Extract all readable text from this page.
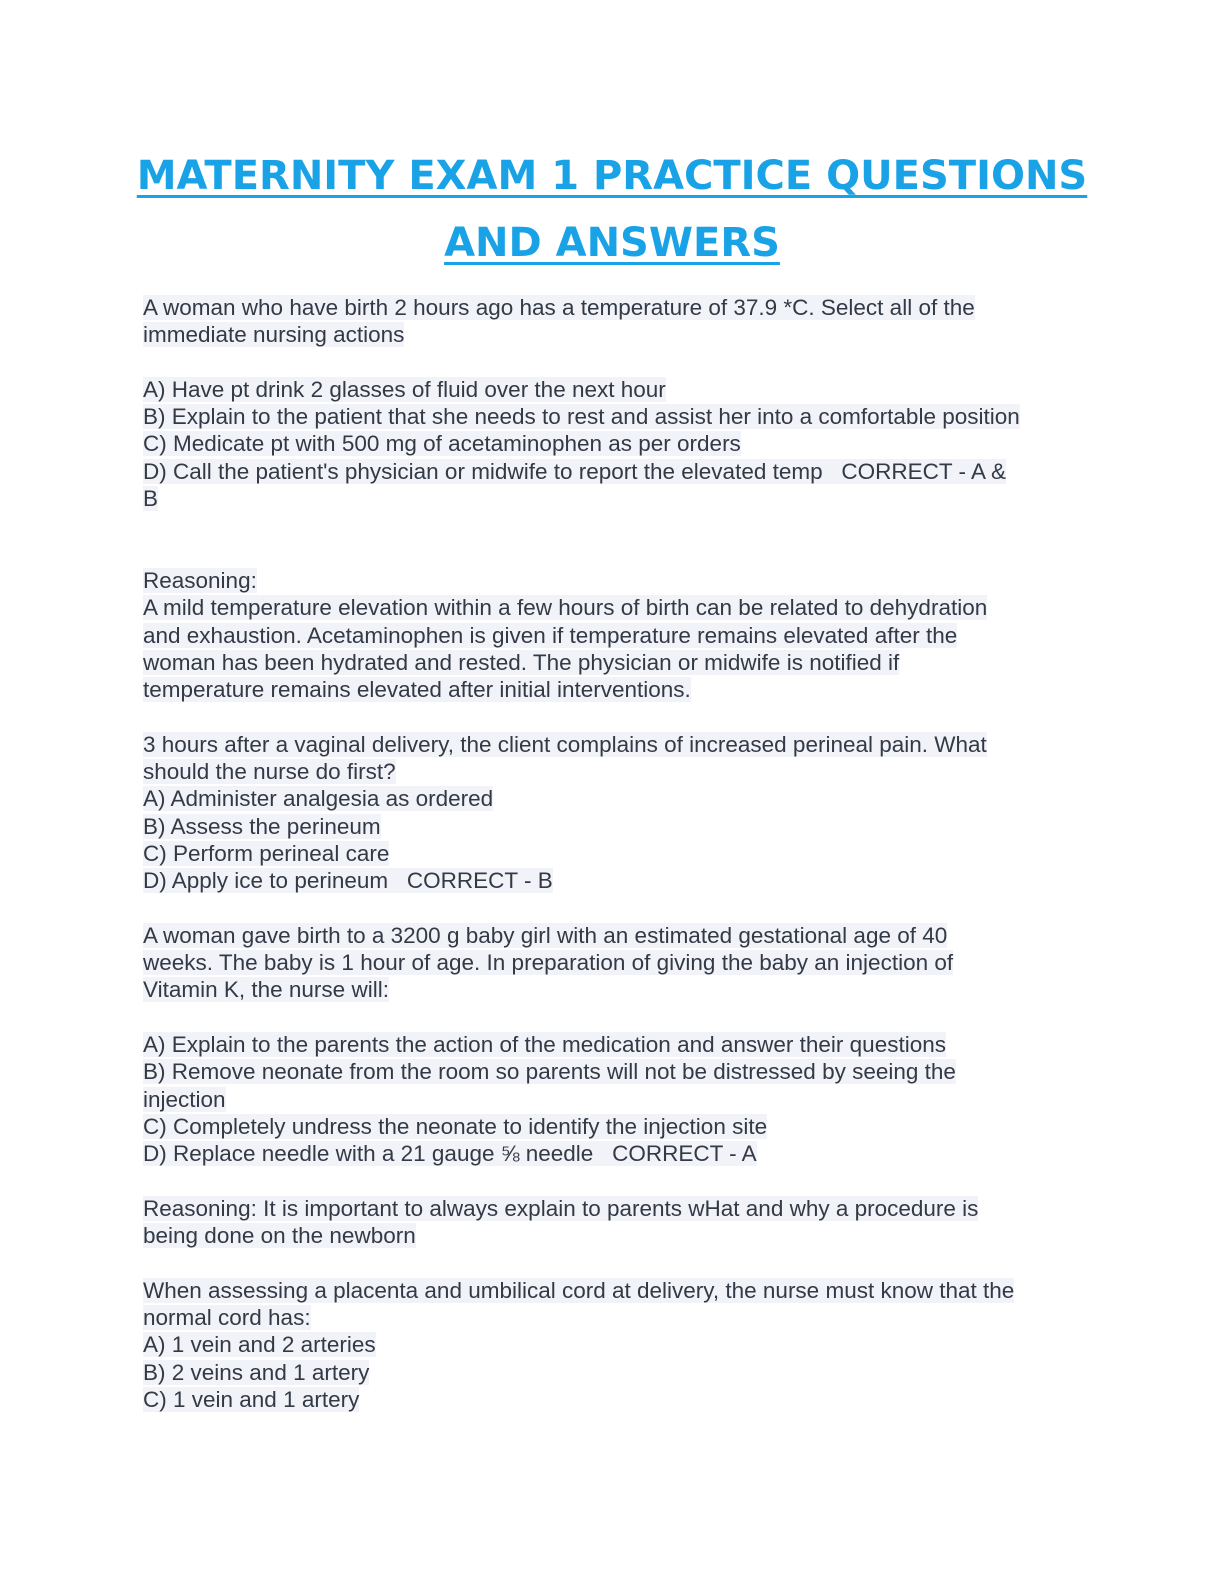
MATERNITY EXAM 1 PRACTICE QUESTIONS
AND ANSWERS
A woman who have birth 2 hours ago has a temperature of 37.9 *C. Select all of the
immediate nursing actions
A) Have pt drink 2 glasses of fluid over the next hour
B) Explain to the patient that she needs to rest and assist her into a comfortable position
C) Medicate pt with 500 mg of acetaminophen as per orders
D) Call the patient's physician or midwife to report the elevated temp   CORRECT - A &
B
Reasoning:
A mild temperature elevation within a few hours of birth can be related to dehydration
and exhaustion. Acetaminophen is given if temperature remains elevated after the
woman has been hydrated and rested. The physician or midwife is notified if
temperature remains elevated after initial interventions.
3 hours after a vaginal delivery, the client complains of increased perineal pain. What
should the nurse do first?
A) Administer analgesia as ordered
B) Assess the perineum
C) Perform perineal care
D) Apply ice to perineum   CORRECT - B
A woman gave birth to a 3200 g baby girl with an estimated gestational age of 40
weeks. The baby is 1 hour of age. In preparation of giving the baby an injection of
Vitamin K, the nurse will:
A) Explain to the parents the action of the medication and answer their questions
B) Remove neonate from the room so parents will not be distressed by seeing the
injection
C) Completely undress the neonate to identify the injection site
D) Replace needle with a 21 gauge ⅝ needle   CORRECT - A
Reasoning: It is important to always explain to parents wHat and why a procedure is
being done on the newborn
When assessing a placenta and umbilical cord at delivery, the nurse must know that the
normal cord has:
A) 1 vein and 2 arteries
B) 2 veins and 1 artery
C) 1 vein and 1 artery
